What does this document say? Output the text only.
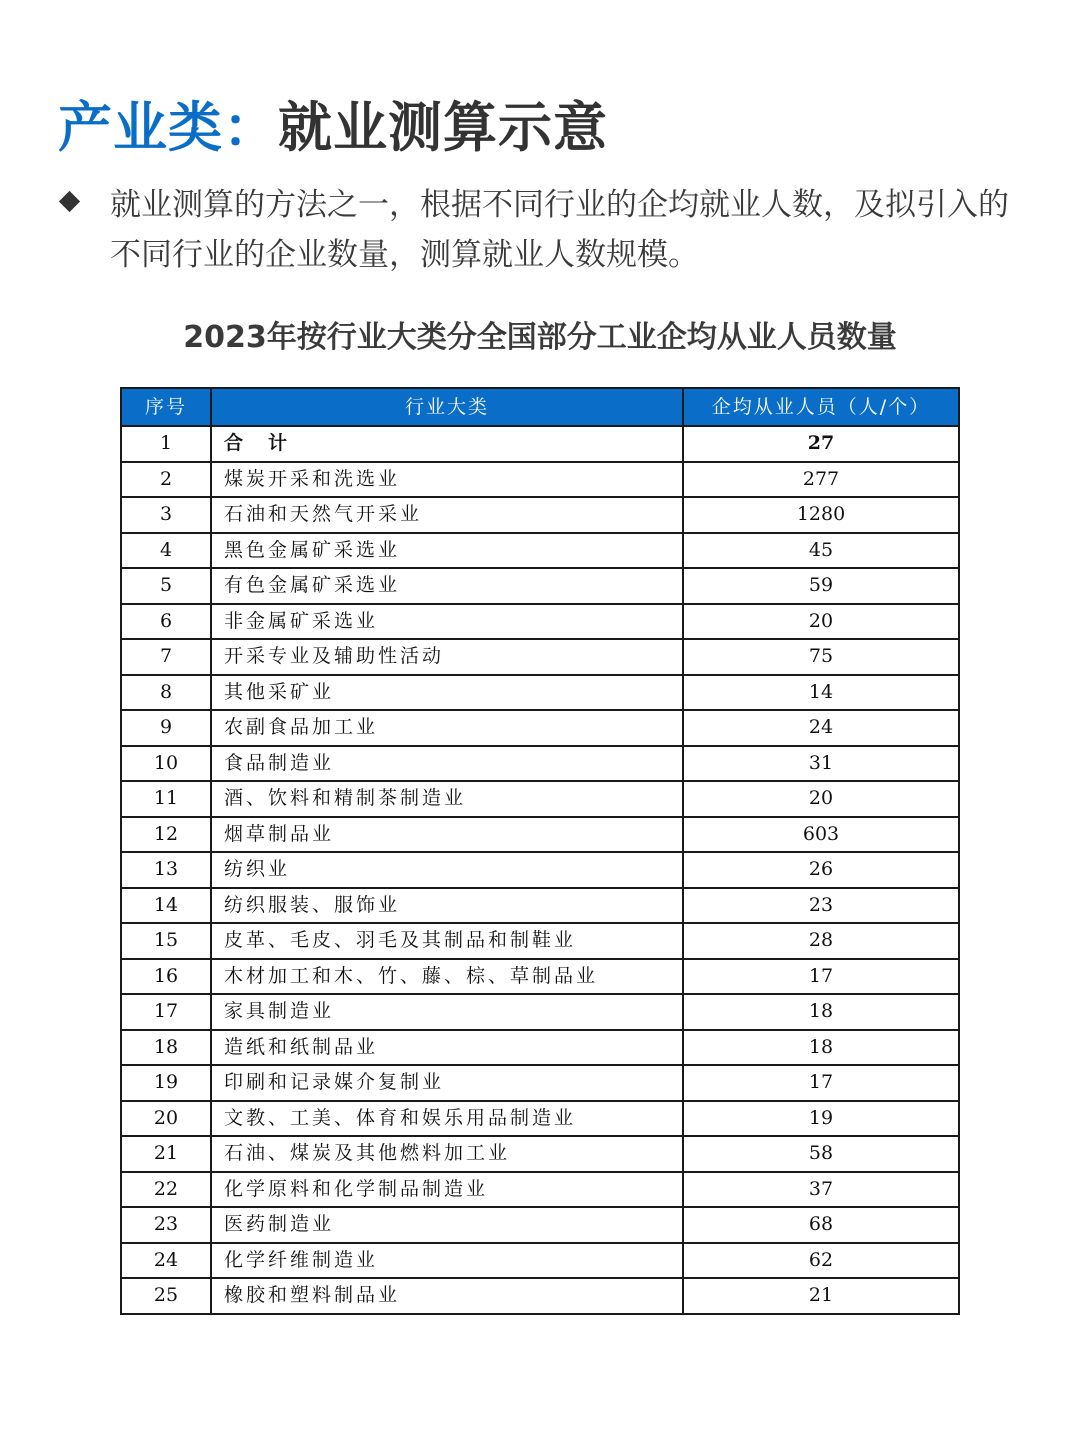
产业类：就业测算示意
就业测算的方法之一，根据不同行业的企均就业人数，及拟引入的不同行业的企业数量，测算就业人数规模。
2023年按行业大类分全国部分工业企均从业人员数量
序号	行业大类	企均从业人员（人/个）
1	合　计	27
2	煤炭开采和洗选业	277
3	石油和天然气开采业	1280
4	黑色金属矿采选业	45
5	有色金属矿采选业	59
6	非金属矿采选业	20
7	开采专业及辅助性活动	75
8	其他采矿业	14
9	农副食品加工业	24
10	食品制造业	31
11	酒、饮料和精制茶制造业	20
12	烟草制品业	603
13	纺织业	26
14	纺织服装、服饰业	23
15	皮革、毛皮、羽毛及其制品和制鞋业	28
16	木材加工和木、竹、藤、棕、草制品业	17
17	家具制造业	18
18	造纸和纸制品业	18
19	印刷和记录媒介复制业	17
20	文教、工美、体育和娱乐用品制造业	19
21	石油、煤炭及其他燃料加工业	58
22	化学原料和化学制品制造业	37
23	医药制造业	68
24	化学纤维制造业	62
25	橡胶和塑料制品业	21
